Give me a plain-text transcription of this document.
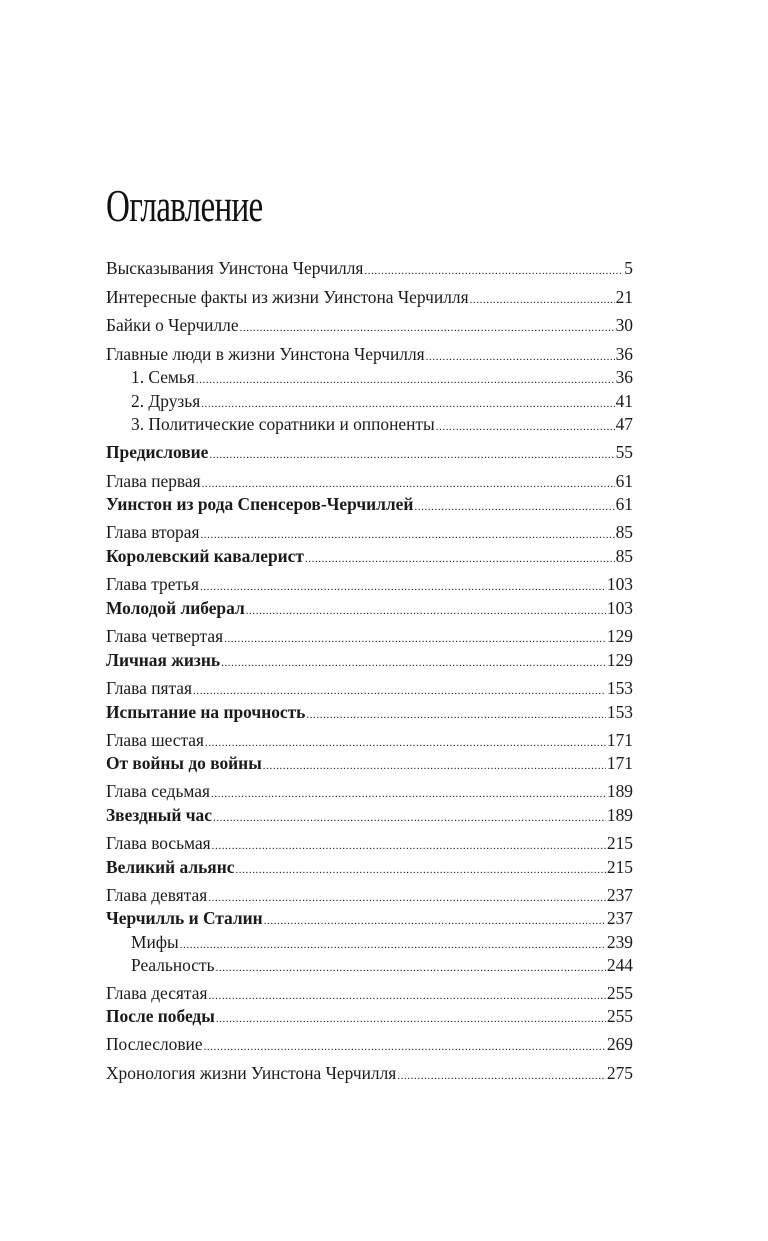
Оглавление
Высказывания Уинстона Черчилля .....	5
Интересные факты из жизни Уинстона Черчилля .....	21
Байки о Черчилле .....	30
Главные люди в жизни Уинстона Черчилля .....	36
1. Семья .....	36
2. Друзья .....	41
3. Политические соратники и оппоненты .....	47
Предисловие .....	55
Глава первая .....	61
Уинстон из рода Спенсеров-Черчиллей .....	61
Глава вторая .....	85
Королевский кавалерист .....	85
Глава третья .....	103
Молодой либерал .....	103
Глава четвертая .....	129
Личная жизнь .....	129
Глава пятая .....	153
Испытание на прочность .....	153
Глава шестая .....	171
От войны до войны .....	171
Глава седьмая .....	189
Звездный час .....	189
Глава восьмая .....	215
Великий альянс .....	215
Глава девятая .....	237
Черчилль и Сталин .....	237
Мифы .....	239
Реальность .....	244
Глава десятая .....	255
После победы .....	255
Послесловие .....	269
Хронология жизни Уинстона Черчилля .....	275
